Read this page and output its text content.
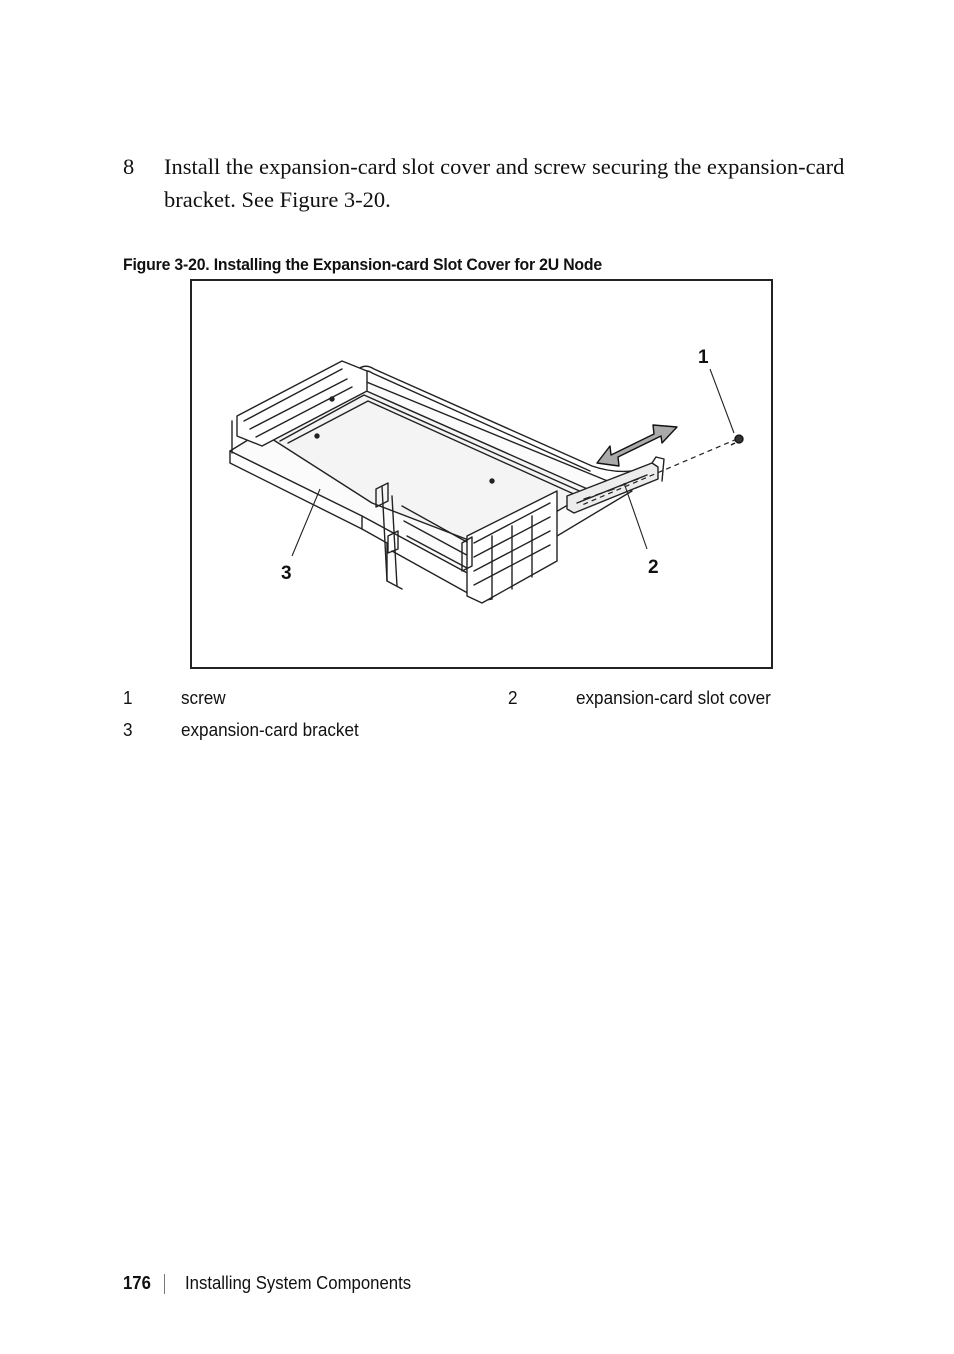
8 Install the expansion-card slot cover and screw securing the expansion-card bracket. See Figure 3-20.
Figure 3-20. Installing the Expansion-card Slot Cover for 2U Node
1
2
3
1	screw	2	expansion-card slot cover
3	expansion-card bracket
176 Installing System Components
